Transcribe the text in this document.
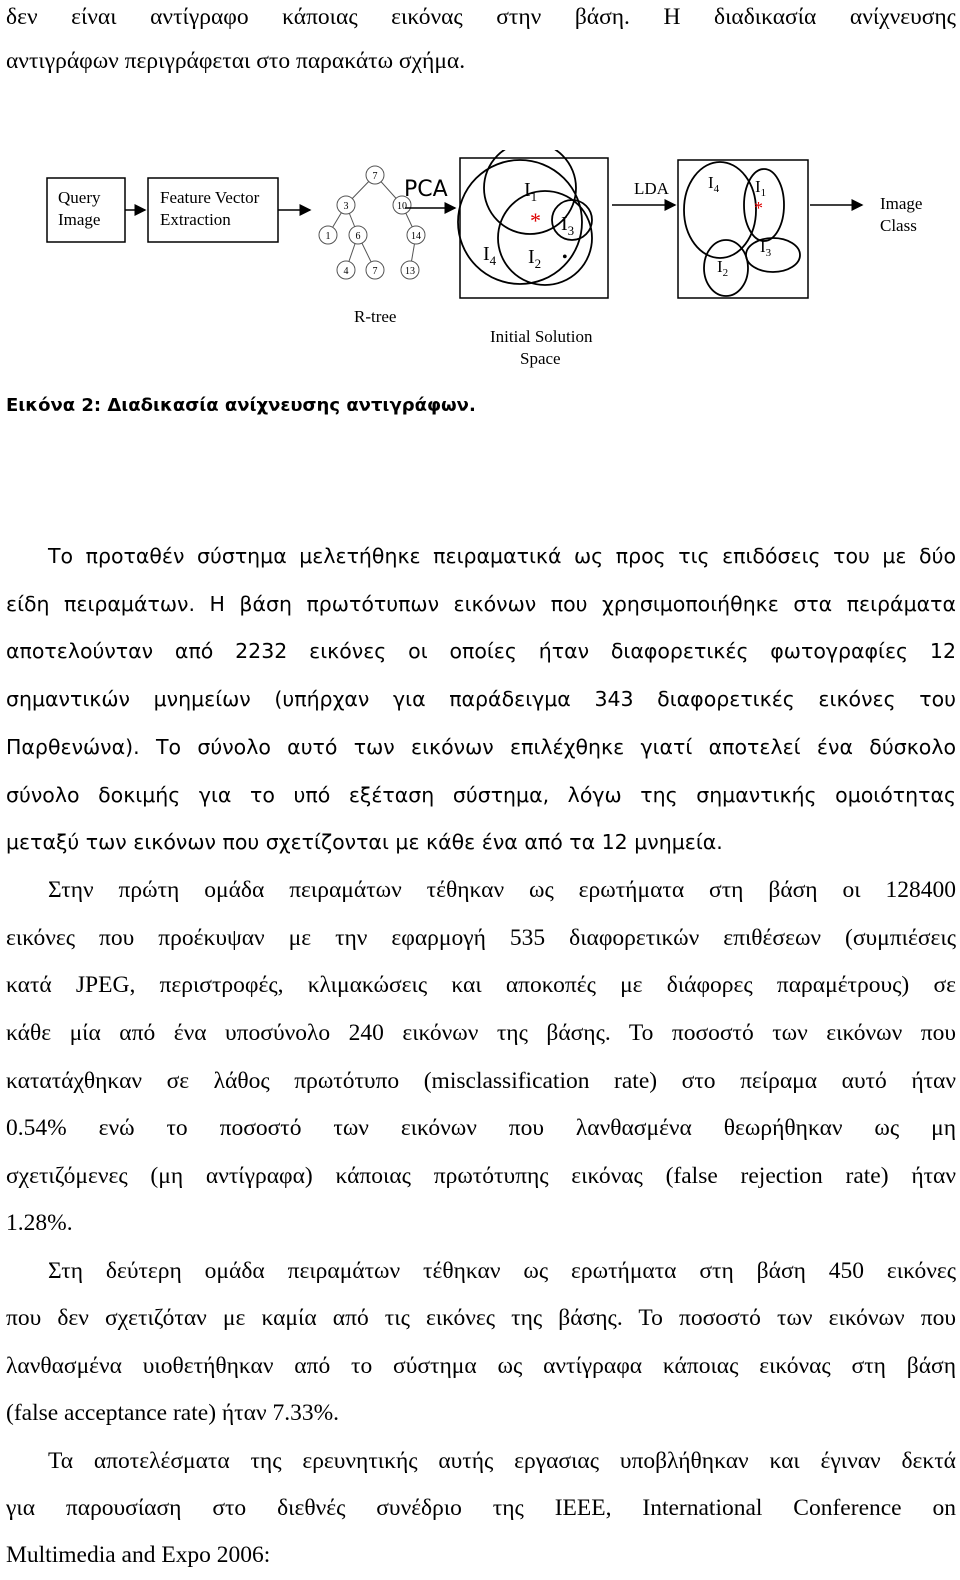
δεν είναι αντίγραφο κάποιας εικόνας στην βάση. Η διαδικασία ανίχνευσης

αντιγράφων περιγράφεται στο παρακάτω σχήμα.

Query
Image
Feature Vector
Extraction
7
3	10
1	6	14
4 7	13
R-tree
PCA	$I_1$
* $I_3$
$I_4$ $I_2$ •
Initial Solution
Space
LDA $I_4$ $I_1$
*
$I_3$
$I_2$
Image
Class

Εικόνα 2: Διαδικασία ανίχνευσης αντιγράφων.

Το προταθέν σύστημα μελετήθηκε πειραματικά ως προς τις επιδόσεις του με δύο

είδη πειραμάτων. Η βάση πρωτότυπων εικόνων που χρησιμοποιήθηκε στα πειράματα

αποτελούνταν από 2232 εικόνες οι οποίες ήταν διαφορετικές φωτογραφίες 12

σημαντικών μνημείων (υπήρχαν για παράδειγμα 343 διαφορετικές εικόνες του

Παρθενώνα). Το σύνολο αυτό των εικόνων επιλέχθηκε γιατί αποτελεί ένα δύσκολο

σύνολο δοκιμής για το υπό εξέταση σύστημα, λόγω της σημαντικής ομοιότητας

μεταξύ των εικόνων που σχετίζονται με κάθε ένα από τα 12 μνημεία.

Στην πρώτη ομάδα πειραμάτων τέθηκαν ως ερωτήματα στη βάση οι 128400

εικόνες που προέκυψαν με την εφαρμογή 535 διαφορετικών επιθέσεων (συμπιέσεις

κατά JPEG, περιστροφές, κλιμακώσεις και αποκοπές με διάφορες παραμέτρους) σε

κάθε μία από ένα υποσύνολο 240 εικόνων της βάσης. Το ποσοστό των εικόνων που

κατατάχθηκαν σε λάθος πρωτότυπο (misclassification rate) στο πείραμα αυτό ήταν

0.54% ενώ το ποσοστό των εικόνων που λανθασμένα θεωρήθηκαν ως μη

σχετιζόμενες (μη αντίγραφα) κάποιας πρωτότυπης εικόνας (false rejection rate) ήταν

1.28%.

Στη δεύτερη ομάδα πειραμάτων τέθηκαν ως ερωτήματα στη βάση 450 εικόνες

που δεν σχετιζόταν με καμία από τις εικόνες της βάσης. Το ποσοστό των εικόνων που

λανθασμένα υιοθετήθηκαν από το σύστημα ως αντίγραφα κάποιας εικόνας στη βάση

(false acceptance rate) ήταν 7.33%.

Τα αποτελέσματα της ερευνητικής αυτής εργασιας υποβλήθηκαν και έγιναν δεκτά

για παρουσίαση στο διεθνές συνέδριο της IEEE, International Conference on

Multimedia and Expo 2006:
